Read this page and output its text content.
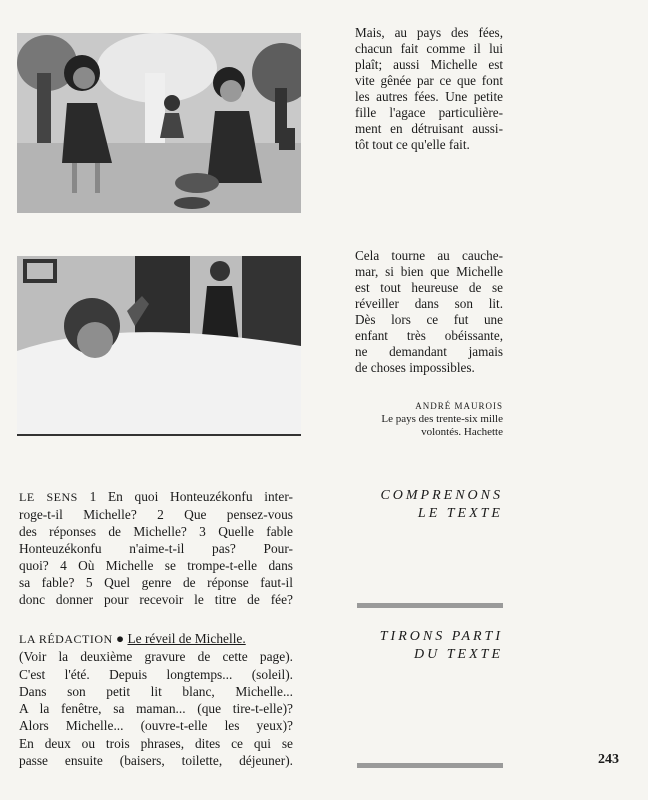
Mais, au pays des fées,
chacun fait comme il lui
plaît; aussi Michelle est
vite gênée par ce que font
les autres fées. Une petite
fille l'agace particulière-
ment en détruisant aussi-
tôt tout ce qu'elle fait.
Cela tourne au cauche-
mar, si bien que Michelle
est tout heureuse de se
réveiller dans son lit.
Dès lors ce fut une
enfant très obéissante,
ne demandant jamais
de choses impossibles.
ANDRÉ MAUROIS
Le pays des trente-six mille
volontés. Hachette
COMPRENONS
LE TEXTE
TIRONS PARTI
DU TEXTE
LE SENS 1 En quoi Honteuzékonfu inter-
roge-t-il Michelle? 2 Que pensez-vous
des réponses de Michelle? 3 Quelle fable
Honteuzékonfu n'aime-t-il pas? Pour-
quoi? 4 Où Michelle se trompe-t-elle dans
sa fable? 5 Quel genre de réponse faut-il
donc donner pour recevoir le titre de fée?
LA RÉDACTION ● Le réveil de Michelle.
(Voir la deuxième gravure de cette page).
C'est l'été. Depuis longtemps... (soleil).
Dans son petit lit blanc, Michelle...
A la fenêtre, sa maman... (que tire-t-elle)?
Alors Michelle... (ouvre-t-elle les yeux)?
En deux ou trois phrases, dites ce qui se
passe ensuite (baisers, toilette, déjeuner).	243
